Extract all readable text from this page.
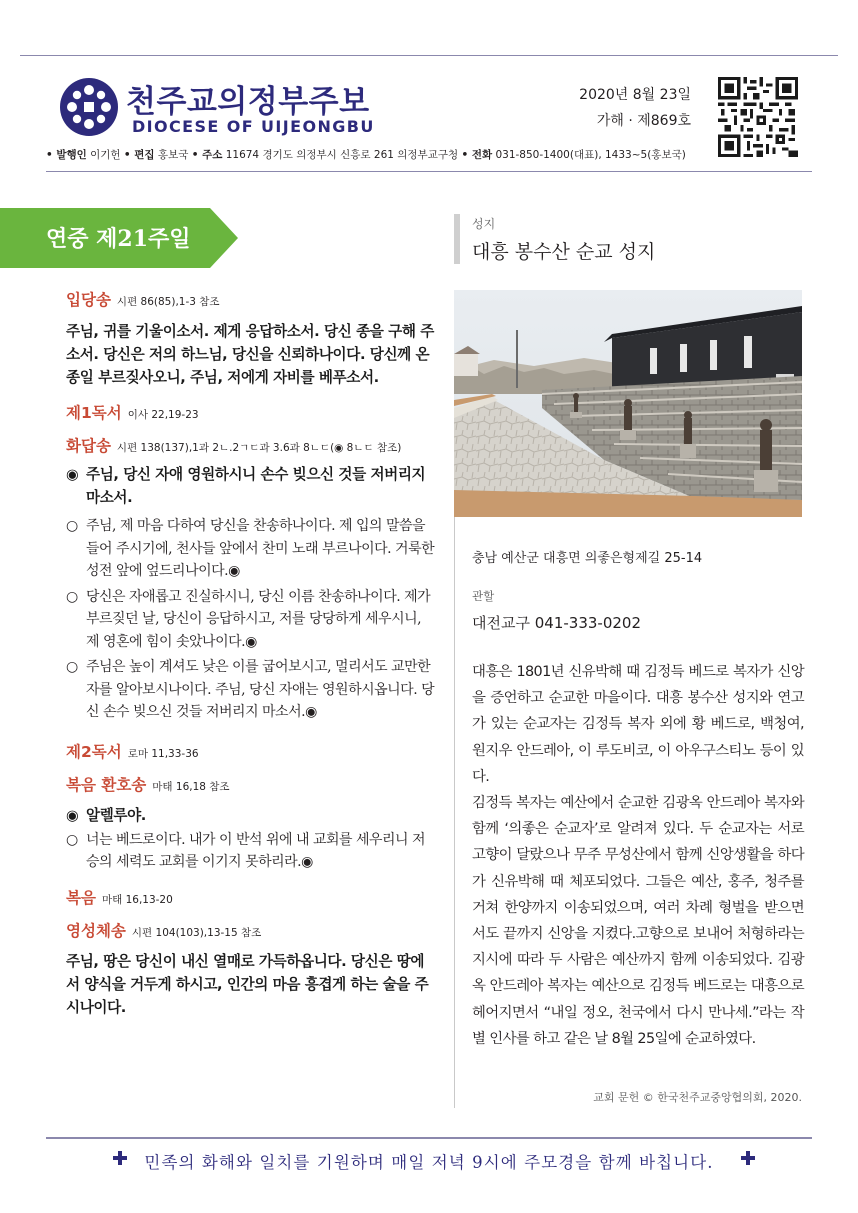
천주교의정부주보
DIOCESE OF UIJEONGBU
2020년 8월 23일
가해 · 제869호
• 발행인 이기헌 • 편집 홍보국 • 주소 11674 경기도 의정부시 신흥로 261 의정부교구청 • 전화 031-850-1400(대표), 1433~5(홍보국)
연중 제21주일
성지
대흥 봉수산 순교 성지
입당송 시편 86(85),1-3 참조
주님, 귀를 기울이소서. 제게 응답하소서. 당신 종을 구해 주소서. 당신은 저의 하느님, 당신을 신뢰하나이다. 당신께 온종일 부르짖사오니, 주님, 저에게 자비를 베푸소서.
제1독서 이사 22,19-23
화답송 시편 138(137),1과 2ㄴ.2ㄱㄷ과 3.6과 8ㄴㄷ(◉ 8ㄴㄷ 참조)
◉ 주님, 당신 자애 영원하시니 손수 빚으신 것들 저버리지 마소서.
○ 주님, 제 마음 다하여 당신을 찬송하나이다. 제 입의 말씀을 들어 주시기에, 천사들 앞에서 찬미 노래 부르나이다. 거룩한 성전 앞에 엎드리나이다.◉
○ 당신은 자애롭고 진실하시니, 당신 이름 찬송하나이다. 제가 부르짖던 날, 당신이 응답하시고, 저를 당당하게 세우시니, 제 영혼에 힘이 솟았나이다.◉
○ 주님은 높이 계셔도 낮은 이를 굽어보시고, 멀리서도 교만한 자를 알아보시나이다. 주님, 당신 자애는 영원하시옵니다. 당신 손수 빚으신 것들 저버리지 마소서.◉
제2독서 로마 11,33-36
복음 환호송 마태 16,18 참조
◉ 알렐루야.
○ 너는 베드로이다. 내가 이 반석 위에 내 교회를 세우리니 저승의 세력도 교회를 이기지 못하리라.◉
복음 마태 16,13-20
영성체송 시편 104(103),13-15 참조
주님, 땅은 당신이 내신 열매로 가득하옵니다. 당신은 땅에서 양식을 거두게 하시고, 인간의 마음 흥겹게 하는 술을 주시나이다.
충남 예산군 대흥면 의좋은형제길 25-14
관할
대전교구 041-333-0202
대흥은 1801년 신유박해 때 김정득 베드로 복자가 신앙을 증언하고 순교한 마을이다. 대흥 봉수산 성지와 연고가 있는 순교자는 김정득 복자 외에 황 베드로, 백청여, 원지우 안드레아, 이 루도비코, 이 아우구스티노 등이 있다.
김정득 복자는 예산에서 순교한 김광옥 안드레아 복자와 함께 ‘의좋은 순교자’로 알려져 있다. 두 순교자는 서로 고향이 달랐으나 무주 무성산에서 함께 신앙생활을 하다가 신유박해 때 체포되었다. 그들은 예산, 홍주, 청주를 거쳐 한양까지 이송되었으며, 여러 차례 형벌을 받으면서도 끝까지 신앙을 지켰다.고향으로 보내어 처형하라는 지시에 따라 두 사람은 예산까지 함께 이송되었다. 김광옥 안드레아 복자는 예산으로 김정득 베드로는 대흥으로 헤어지면서 “내일 정오, 천국에서 다시 만나세.”라는 작별 인사를 하고 같은 날 8월 25일에 순교하였다.
교회 문헌 © 한국천주교중앙협의회, 2020.
민족의 화해와 일치를 기원하며 매일 저녁 9시에 주모경을 함께 바칩니다.
